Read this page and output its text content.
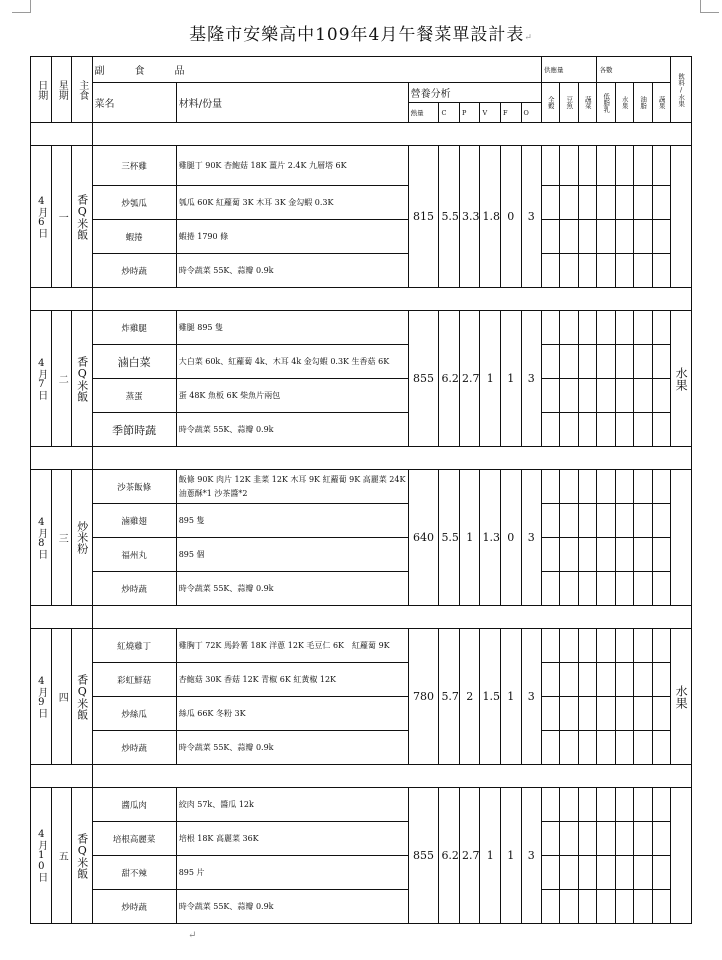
基隆市安樂高中109年4月午餐菜單設計表↵
日期	星期	主食	副　　　食　　　品								供應量			各數				飲料/水果

			菜名	材料/份量	營養分析						全穀	豆魚	蔬菜	低脂乳	水果	油脂	蔬果	

					熱量	C	P	V	F	O								

4月6日	一	香Q米飯	三杯雞	雞腿丁 90K 杏鮑菇 18K 薑片 2.4K 九層塔 6K	815	5.5	3.3	1.8	0	3								

			炒瓠瓜	瓠瓜 60K 紅蘿蔔 3K 木耳 3K 金勾蝦 0.3K														
			蝦捲	蝦捲 1790 條														
			炒時蔬	時令蔬菜 55K、蒜瓣 0.9k														

4月7日	二	香Q米飯	炸雞腿	雞腿 895 隻	855	6.2	2.7	1	1	3								水果

			滷白菜	大白菜 60k、紅蘿蔔 4k、木耳 4k 金勾蝦 0.3K 生香菇 6K														
			蒸蛋	蛋 48K 魚板 6K 柴魚片兩包														
			季節時蔬	時令蔬菜 55K、蒜瓣 0.9k														

4月8日	三	炒米粉	沙茶飯條	飯條 90K 肉片 12K 韭菜 12K 木耳 9K 紅蘿蔔 9K 高麗菜 24K 油蔥酥*1 沙茶醬*2	640	5.5	1	1.3	0	3								

			滷雞翅	895 隻														
			福州丸	895 個														
			炒時蔬	時令蔬菜 55K、蒜瓣 0.9k														

4月9日	四	香Q米飯	紅燒雞丁	雞胸丁 72K 馬鈴薯 18K 洋蔥 12K 毛豆仁 6K　紅蘿蔔 9K	780	5.7	2	1.5	1	3								水果

			彩虹鮮菇	杏鮑菇 30K 香菇 12K 青椒 6K 紅黃椒 12K														
			炒絲瓜	絲瓜 66K 冬粉 3K														
			炒時蔬	時令蔬菜 55K、蒜瓣 0.9k														

4月10日	五	香Q米飯	醬瓜肉	絞肉 57k、醬瓜 12k	855	6.2	2.7	1	1	3								

			培根高麗菜	培根 18K 高麗菜 36K														
			甜不辣	895 片														
			炒時蔬	時令蔬菜 55K、蒜瓣 0.9k														
↵
